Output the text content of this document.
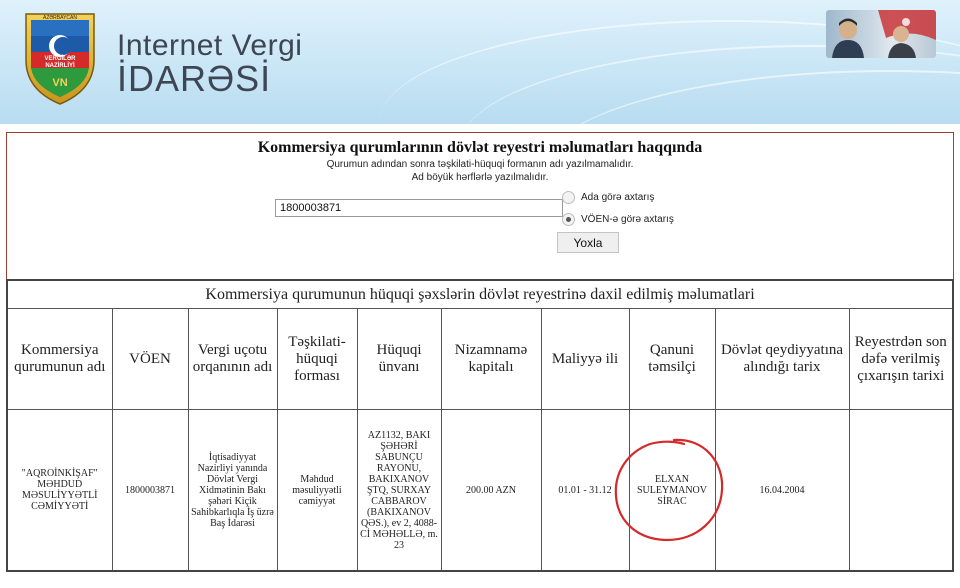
AZƏRBAYCAN
VERGİLƏR
NAZİRLİYİ
VN
Internet Vergi
İDARƏSİ
Kommersiya qurumlarının dövlət reyestri məlumatları haqqında
Qurumun adından sonra təşkilati-hüquqi formanın adı yazılmamalıdır.
Ad böyük hərflərlə yazılmalıdır.
1800003871
Ada görə axtarış
VÖEN-ə görə axtarış
Yoxla
Kommersiya qurumunun hüquqi şəxslərin dövlət reyestrinə daxil edilmiş məlumatlari									
Kommersiya qurumunun adı	VÖEN	Vergi uçotu orqanının adı	Təşkilati-hüquqi forması	Hüquqi ünvanı	Nizamnamə kapitalı	Maliyyə ili	Qanuni təmsilçi	Dövlət qeydiyyatına alındığı tarix	Reyestrdən son dəfə verilmiş çıxarışın tarixi
"AQROİNKİŞAF" MƏHDUD MƏSULİYYƏTLİ CƏMİYYƏTİ	1800003871	İqtisadiyyat Nazirliyi yanında Dövlət Vergi Xidmətinin Bakı şəhəri Kiçik Sahibkarlıqla İş üzrə Baş İdarəsi	Məhdud məsuliyyətli cəmiyyət	AZ1132, BAKI ŞƏHƏRİ SABUNÇU RAYONU, BAKIXANOV ŞTQ, SURXAY CABBAROV (BAKIXANOV QƏS.), ev 2, 4088-Cİ MƏHƏLLƏ, m. 23	200.00 AZN	01.01 - 31.12	ELXAN SULEYMANOV SİRAC	16.04.2004	
